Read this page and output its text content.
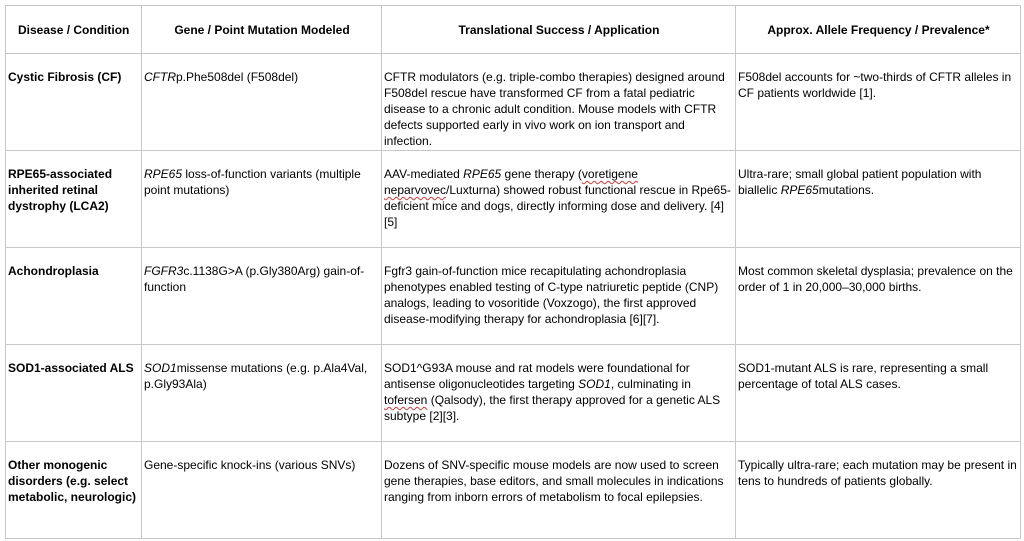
Disease / Condition	Gene / Point Mutation Modeled	Translational Success / Application	Approx. Allele Frequency / Prevalence*
Cystic Fibrosis (CF)	CFTRp.Phe508del (F508del)	CFTR modulators (e.g. triple-combo therapies) designed around F508del rescue have transformed CF from a fatal pediatric disease to a chronic adult condition. Mouse models with CFTR defects supported early in vivo work on ion transport and infection.	F508del accounts for ~two-thirds of CFTR alleles in CF patients worldwide [1].
RPE65-associated inherited retinal dystrophy (LCA2)	RPE65 loss-of-function variants (multiple point mutations)	AAV-mediated RPE65 gene therapy (voretigene neparvovec/Luxturna) showed robust functional rescue in Rpe65-deficient mice and dogs, directly informing dose and delivery. [4][5]	Ultra-rare; small global patient population with biallelic RPE65mutations.
Achondroplasia	FGFR3c.1138G>A (p.Gly380Arg) gain-of-function	Fgfr3 gain-of-function mice recapitulating achondroplasia phenotypes enabled testing of C-type natriuretic peptide (CNP) analogs, leading to vosoritide (Voxzogo), the first approved disease-modifying therapy for achondroplasia [6][7].	Most common skeletal dysplasia; prevalence on the order of 1 in 20,000–30,000 births.
SOD1-associated ALS	SOD1missense mutations (e.g. p.Ala4Val, p.Gly93Ala)	SOD1^G93A mouse and rat models were foundational for antisense oligonucleotides targeting SOD1, culminating in tofersen (Qalsody), the first therapy approved for a genetic ALS subtype [2][3].	SOD1-mutant ALS is rare, representing a small percentage of total ALS cases.
Other monogenic disorders (e.g. select metabolic, neurologic)	Gene-specific knock-ins (various SNVs)	Dozens of SNV-specific mouse models are now used to screen gene therapies, base editors, and small molecules in indications ranging from inborn errors of metabolism to focal epilepsies.	Typically ultra-rare; each mutation may be present in tens to hundreds of patients globally.
